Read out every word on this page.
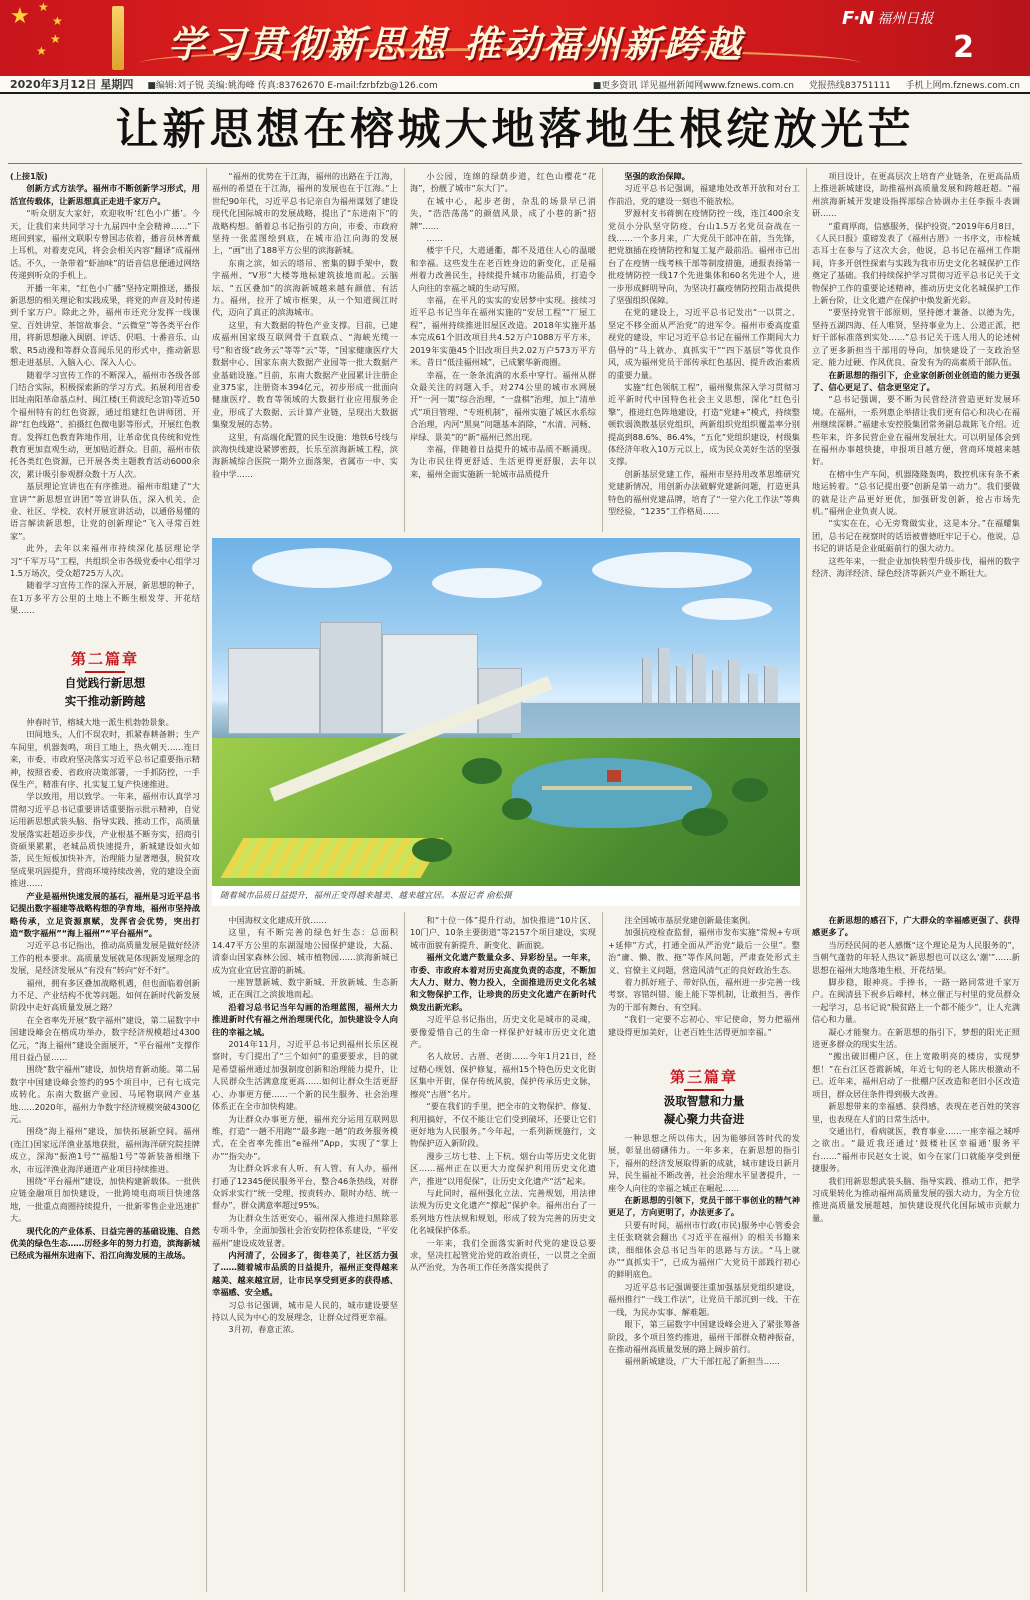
★ ★
★
★
★	学习贯彻新思想 推动福州新跨越
F·N 福州日报
2
2020年3月12日 星期四 ■编辑:刘子锐 美编:姚海峰 传真:83762670 E-mail:fzrbfzb@126.com	■更多资讯 详见福州新闻网www.fznews.com.cn 党报热线83751111 手机上网m.fznews.com.cn
让新思想在榕城大地落地生根绽放光芒

(上接1版)

创新方式方法学。福州市不断创新学习形式，用活宣传载体，让新思想真正走进千家万户。

“听众朋友大家好，欢迎收听‘红色小广播’。今天，让我们来共同学习十九届四中全会精神……”下班回到家，福州文联职专曾国志依着，播音员林菁戴上耳机，对着麦克风，将会会相关内容“翻译”成福州话。不久，一条带着“虾油味”的语音信息便通过网络传递到听众的手机上。

开播一年来，“红色小广播”坚持定期推送，播报新思想的相关理论和实践成果，将党的声音及时传递到千家万户。除此之外，福州市还充分发挥一线课堂、百姓讲堂、茶馆故事会、“云微堂”等各类平台作用，将新思想融入闽剧、评话、伬唱、十番音乐、山歌、R5动漫和等群众喜闻乐见的形式中，推动新思想走进基层、入脑入心、深入人心。

随着学习宣传工作的不断深入，福州市各级各部门结合实际，积极探索新的学习方式。拓展利用省委旧址南阳革命基点村、闽江楼(王荷波纪念馆)等近50个福州特有的红色资源，通过组建红色讲师团、开辟“红色线路”、拍摄红色微电影等形式，开展红色教育。发挥红色教育阵地作用，让革命优良传统和党性教育更加直观生动，更加贴近群众。目前，福州市依托各类红色资源，已开展各类主题教育活动6000余次，累计吸引参观群众数十万人次。

基层理论宣讲也在有序推进。福州市组建了“大宣讲”“新思想宣讲团”等宣讲队伍，深入机关、企业、社区、学校、农村开展宣讲活动，以通俗易懂的语言解读新思想，让党的创新理论“飞入寻常百姓家”。

此外，去年以来福州市持续深化基层理论学习“千军万马”工程，共组织全市各级党委中心组学习1.5万场次，受众超725万人次。

随着学习宣传工作的深入开展，新思想的种子，在1万多平方公里的土地上不断生根发芽、开花结果……

第二篇章
自觉践行新思想
实干推动新跨越

仲春时节，榕城大地一派生机勃勃景象。

田间地头，人们不误农时，抓紧春耕备耕；生产车间里，机器轰鸣，项目工地上，热火朝天……连日来，市委、市政府坚决落实习近平总书记重要指示精神，按照省委、省政府决策部署，一手抓防控，一手保生产，精准有序、扎实复工复产快速推进。

学以致用，用以致学。一年来，福州市认真学习贯彻习近平总书记重要讲话重要指示批示精神，自觉运用新思想武装头脑、指导实践、推动工作，高质量发展落实赶超迈步步伐，产业根基不断夯实，招商引资硕果累累，老城品质快速提升，新城建设如火如荼，民生短板加快补齐，治理能力显著增强，脱贫攻坚成果巩固提升，营商环境持续改善，党的建设全面推进……

产业是福州快速发展的基石，福州是习近平总书记提出数字福建等战略构想的孕育地，福州市坚持战略传承，立足资源禀赋，发挥省会优势，突出打造“数字福州”“海上福州”“平台福州”。

习近平总书记指出，推动高质量发展是做好经济工作的根本要求。高质量发展就是体现新发展理念的发展，是经济发展从“有没有”转向“好不好”。

福州，拥有多区叠加战略机遇，但也面临着创新力不足、产业结构不优等问题。如何在新时代新发展阶段中走好高质量发展之路？

在全省率先开展“数字福州”建设，第二届数字中国建设峰会在榕成功举办，数字经济规模超过4300亿元，“海上福州”建设全面展开，“平台福州”支撑作用日益凸显……

围绕“数字福州”建设，加快培育新动能。第二届数字中国建设峰会签约的95个项目中，已有七成完成转化。东南大数据产业园、马尾物联网产业基地……2020年，福州力争数字经济规模突破4300亿元。

围绕“海上福州”建设，加快拓展新空间。福州(连江)国家远洋渔业基地获批，福州海洋研究院挂牌成立，深海“振渔1号”“福船1号”等新装备相继下水，市远洋渔业海洋通道产业项目持续推进。

围绕“平台福州”建设，加快构建新载体。一批供应链金融项目加快建设，一批跨境电商项目快速落地，一批重点商圈持续提升，一批新零售企业迅速扩大。

现代化的产业体系、日益完善的基础设施、自然优美的绿色生态……厉经多年的努力打造，滨海新城已经成为福州东进南下、沿江向海发展的主战场。

“福州的优势在于江海，福州的出路在于江海，福州的希望在于江海，福州的发展也在于江海。”上世纪90年代，习近平总书记亲自为福州谋划了建设现代化国际城市的发展战略，提出了“东进南下”的战略构想。循着总书记指引的方向，市委、市政府坚持一张蓝图绘到底，在城市沿江向海的发展上，“画”出了188平方公里的滨海新城。

东南之滨，如云的塔吊、密集的脚手架中，数字福州、“V形”大楼等地标建筑拔地而起。云脑坛、“五区叠加”的滨海新城越来越有颜值、有活力。福州，拉开了城市框架，从一个知道闽江时代，迈向了真正的滨海城市。

这里，有大数据的特色产业支撑。目前，已建成福州国家级互联网骨干直联点、“海峡光缆一号”和省级“政务云”等等“云”等，“国家健康医疗大数据中心、国家东南大数据产业园等一批大数据产业基础设施。”目前，东南大数据产业园累计注册企业375家，注册资本394亿元，初步形成一批面向健康医疗、教育等领域的大数据行业应用服务企业，形成了大数据、云计算产业链，呈现出大数据集聚发展的态势。

这里，有高端化配置的民生设施：地铁6号线与滨海快线建设紧锣密鼓，长乐至滨海新城工程，滨海新城综合医院一期外立面落架，省属市一中、实验中学……

小公园，连绵的绿荫步道，红色山樱花“花海”，扮靓了城市“东大门”。

在城中心，起步老街，杂乱的场景早已消失，“浩浩荡荡”的颜值风景，成了小巷的新“招牌”……

……

楼宇千尺，大道通衢，都不及道住人心的温暖和幸福。这些发生在老百姓身边的新变化，正是福州着力改善民生，持续提升城市功能品质，打造令人向往的幸福之城的生动写照。

幸福，在平凡的实实的安居梦中实现。接续习近平总书记当年在福州实施的“安居工程”“厂屋工程”，福州持续推进旧屋区改造。2018年实施开基本完成61个旧改项目共4.52万户1088万平方米，2019年实施45个旧改项目共2.02万户573万平方米。昔日“低洼福州城”，已成繁华新商圈。

幸福，在一条条流淌的水系中穿行。福州从群众最关注的问题入手，对274公里的城市水网展开“一河一策”综合治理，“一盘棋”治理，加上“清单式”项目管理、“专班机制”，福州实施了城区水系综合治理，内河“黑臭”问题基本消除，“水清、河畅、岸绿、景美”的“新”福州已然出现。

幸福，伴随着日益提升的城市品质不断涌现。为让市民住得更舒适、生活更得更舒服，去年以来，福州全面实施新一轮城市品质提升

坚强的政治保障。

习近平总书记强调，福建地处改革开放和对台工作前沿，党的建设一刻也不能放松。

罗源村支书蒋倒在疫情防控一线，连江400余支党员小分队坚守防疫、台山1.5万名党员奋战在一线……一个多月来，广大党员干部冲在前，当先锋，把党旗插在疫情防控和复工复产最前沿。福州市已出台了在疫情一线考核干部等制度措施，通报表扬第一批疫情防控一线17个先进集体和60名先进个人，进一步形成鲜明导向，为坚决打赢疫情防控阻击战提供了坚强组织保障。

在党的建设上，习近平总书记发出“一以贯之、坚定不移全面从严治党”的进军令。福州市委高度重视党的建设，牢记习近平总书记在福州工作期间大力倡导的“马上就办、真抓实干”“四下基层”等优良作风，成为福州党员干部传承红色基因、提升政治素质的重要力量。

实施“红色领航工程”，福州聚焦深入学习贯彻习近平新时代中国特色社会主义思想，深化“红色引擎”，推进红色阵地建设，打造“党建+”模式，持续整顿软弱涣散基层党组织，两新组织党组织覆盖率分别提高到88.6%、86.4%，“五化”党组织建设，村级集体经济年收入10万元以上，成为民众美好生活的坚强支撑。

创新基层党建工作，福州市坚持用改革思维研究党建新情况，用创新办法破解党建新问题，打造更具特色的福州党建品牌，培育了“一堂六化工作法”等典型经验，“1235”工作格局……

随着城市品质日益提升，福州正变得越来越美、越来越宜居。本报记者 俞松摄

项目设计，在更高层次上培育产业链条，在更高品质上推进新城建设，助推福州高质量发展和跨越赶超。“福州滨海新城开发建设指挥部综合协调办主任李振斗表调研……

“重商厚商，信感服务，保护投资。”2019年6月8日，《人民日报》重磅发表了《福州古厝》一书序文，市检城志耳士在参与了这次大会，他说，总书记在福州工作期间，许多开创性探索与实践为我市历史文化名城保护工作奠定了基础。我们持续保护学习贯彻习近平总书记关于文物保护工作的重要论述精神，推动历史文化名城保护工作上新台阶，让文化遗产在保护中焕发新光彩。

“要坚持党管干部原则，坚持德才兼备、以德为先，坚持五湖四海、任人唯贤，坚持事业为上、公道正派，把好干部标准落到实处……”总书记关于选人用人的论述树立了更多新担当干部用的导向，加快建设了一支政治坚定、能力过硬、作风优良、奋发有为的高素质干部队伍。

在新思想的指引下，企业家创新创业创造的能力更强了、信心更足了、信念更坚定了。

“总书记强调，要不断为民营经济营造更好发展环境。在福州，一系列惠企举措让我们更有信心和决心在福州继续深耕。”福建永安控股集团常务副总裁陈飞介绍。近些年来，许多民营企业在福州发展壮大。可以明显体会到在福州办事越快捷，申报项目越方便，营商环境越来越好。

在榕中生产车间，机器隆隆轰鸣，数控机床有条不紊地运转着。“总书记提出要“创新是第一动力”。我们要做的就是让产品更好更优，加强研发创新，抢占市场先机。”福州企业负责人说。

“实实在在，心无旁骛做实业，这是本分。”在福耀集团，总书记在视察时的话语被曹德旺牢记于心。他说，总书记的讲话是企业砥砺前行的强大动力。

这些年来，一批企业加快转型升级步伐，福州的数字经济、海洋经济、绿色经济等新兴产业不断壮大。

中国海权文化建成开放……

这里，有不断完善的绿色好生态：总面积14.47平方公里的东湖湿地公园保护建设，大磊、清泰山国家森林公园、城市植物园……滨海新城已成为宜业宜居宜游的新城。

一座智慧新城、数字新城、开放新城、生态新城，正在闽江之滨拔地而起。

沿着习总书记当年勾画的治理蓝图，福州大力推进新时代有福之州治理现代化，加快建设令人向往的幸福之城。

2014年11月，习近平总书记到福州长乐区视察时，专门提出了“三个如何”的重要要求，目的就是希望福州通过加强制度创新和治理能力提升，让人民群众生活满意度更高……如何让群众生活更舒心、办事更方便……一个新的民生服务、社会治理体系正在全市加快构建。

为让群众办事更方便，福州充分运用互联网思维，打造“一趟不用跑”“最多跑一趟”的政务服务模式，在全省率先推出“e福州”App，实现了“掌上办”“指尖办”。

为让群众诉求有人听、有人管、有人办，福州打通了12345便民服务平台，整合46条热线，对群众诉求实行“统一受理、按责转办、限时办结、统一督办”，群众满意率超过95%。

为让群众生活更安心，福州深入推进扫黑除恶专项斗争，全面加强社会治安防控体系建设，“平安福州”建设成效显著。

内河清了，公园多了，街巷美了，社区活力强了……随着城市品质的日益提升，福州正变得越来越美、越来越宜居，让市民享受到更多的获得感、幸福感、安全感。

习总书记强调，城市是人民的，城市建设要坚持以人民为中心的发展理念，让群众过得更幸福。

3月初，春意正浓。

和“十位一体”提升行动，加快推进“10片区、10门户、10条主要街道”等2157个项目建设，实现城市面貌有新提升、新变化、新面貌。

福州文化遗产数量众多、异彩纷呈。一年来，市委、市政府本着对历史高度负责的态度，不断加大人力、财力、物力投入，全面推进历史文化名城和文物保护工作，让珍贵的历史文化遗产在新时代焕发出新光彩。

习近平总书记指出，历史文化是城市的灵魂，要像爱惜自己的生命一样保护好城市历史文化遗产。

名人故居、古厝、老街……今年1月21日，经过精心规划、保护修复，福州15个特色历史文化街区集中开街，保存传统风貌，保护传承历史文脉，擦亮“古厝”名片。

“要在我们的手里，把全市的文物保护、修复、利用搞好，不仅不能让它们受到破坏，还要让它们更好地为人民服务。”今年起，一系列新规施行，文物保护迈入新阶段。

漫步三坊七巷、上下杭、烟台山等历史文化街区……福州正在以更大力度保护利用历史文化遗产，推进“以用促保”，让历史文化遗产“活”起来。

与此同时，福州强化立法、完善规划，用法律法规为历史文化遗产“撑起”保护伞。福州出台了一系列地方性法规和规划，形成了较为完善的历史文化名城保护体系。

一年来，我们全面落实新时代党的建设总要求，坚决扛起管党治党的政治责任，一以贯之全面从严治党，为各项工作任务落实提供了

注全国城市基层党建创新最佳案例。

加强抗疫检查监督，福州市发布实施“常规+专项+延伸”方式，打通全面从严治党“最后一公里”。整治“庸、懒、散、拖”等作风问题，严肃查处形式主义、官僚主义问题，营造风清气正的良好政治生态。

着力抓好班子、带好队伍，福州进一步完善一线考察、容错纠错、能上能下等机制，让敢担当、善作为的干部有舞台、有空间。

“我们一定要不忘初心、牢记使命，努力把福州建设得更加美好，让老百姓生活得更加幸福。”

第三篇章
汲取智慧和力量
凝心聚力共奋进

一种思想之所以伟大，因为能够回答时代的发展，彰显出磅礴伟力。一年多来，在新思想的指引下，福州的经济发展取得新的成就，城市建设日新月异，民生福祉不断改善，社会治理水平显著提升，一座令人向往的幸福之城正在崛起……

在新思想的引领下，党员干部干事创业的精气神更足了，方向更明了，办法更多了。

只要有时间，福州市行政(市民)服务中心管委会主任张晓就会翻出《习近平在福州》的相关书籍来读，细细体会总书记当年的思路与方法。“马上就办”“真抓实干”，已成为福州广大党员干部践行初心的鲜明底色。

习近平总书记强调要注重加强基层党组织建设，福州推行“一线工作法”，让党员干部沉到一线、干在一线，为民办实事、解难题。

眼下，第三届数字中国建设峰会进入了紧张筹备阶段，多个项目签约推进，福州干部群众精神振奋，在推动福州高质量发展的路上阔步前行。

福州新城建设，广大干部扛起了新担当……

在新思想的感召下，广大群众的幸福感更强了、获得感更多了。

当厉经民间的老人感慨“这个理论是为人民服务的”，当朝气蓬勃的年轻人热议“新思想也可以这么‘潮’”……新思想在福州大地落地生根、开花结果。

脚步稳，眼神亮。手捧书，一路一路同常进千家万户。在闽清县下祝乡后峰村，林立催正与村里的党员群众一起学习，总书记说“脱贫路上一个都不能少”，让人充满信心和力量。

凝心才能聚力。在新思想的指引下，梦想的阳光正照进更多群众的现实生活。

“搬出破旧棚户区，住上宽敞明亮的楼房，实现梦想！”在台江区苍霞新城，年近七旬的老人陈庆根激动不已。近年来，福州启动了一批棚户区改造和老旧小区改造项目，群众居住条件得到极大改善。

新思想带来的幸福感、获得感，表现在老百姓的笑容里，也表现在人们的日常生活中。

交通出行，看病就医，教育事业……一座幸福之城呼之欲出。“最近我还通过‘鼓楼社区幸福通’服务平台……”福州市民赵女士说，如今在家门口就能享受到便捷服务。

我们用新思想武装头脑、指导实践、推动工作，把学习成果转化为推动福州高质量发展的强大动力，为全方位推进高质量发展超越，加快建设现代化国际城市贡献力量。
